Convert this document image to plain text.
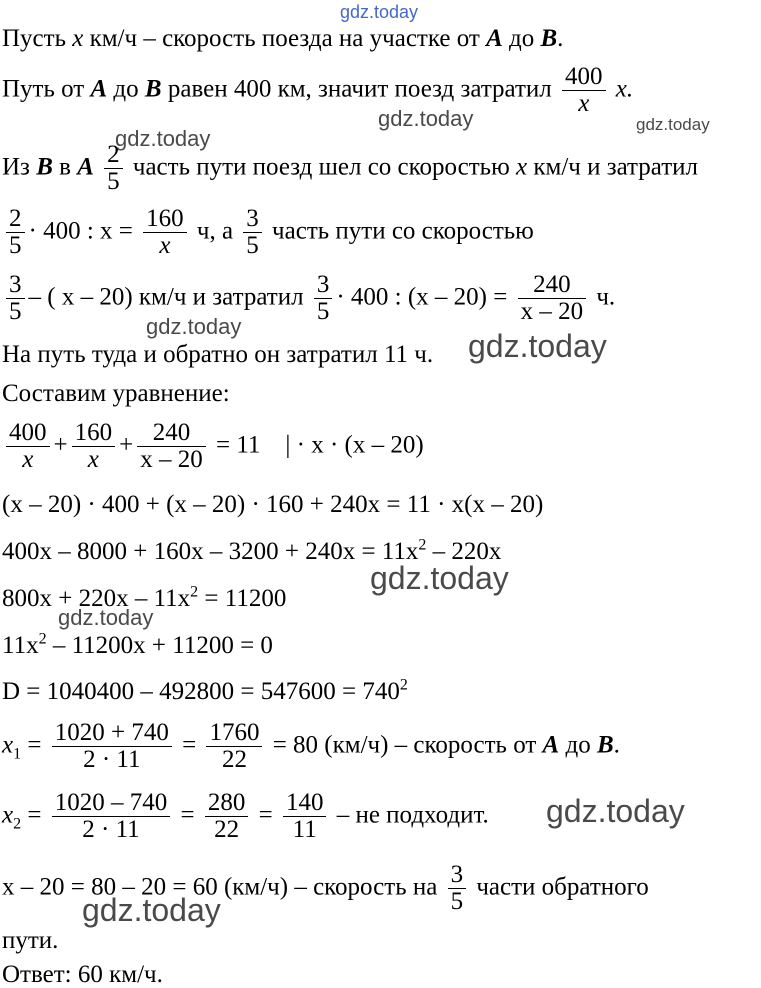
gdz.today
Пусть x км/ч – скорость поезда на участке от A до B.
Путь от A до B равен 400 км, значит поезд затратил $\frac{400}{x} x$.
gdz.today	gdz.today
gdz.today
Из B в A $\frac{2}{5}$ часть пути поезд шел со скоростью x км/ч и затратил
$\frac{2}{5} \cdot 400$ : $x = \frac{160}{x} ч$, а $\frac{3}{5}$ часть пути со скоростью
$\frac{3}{5}$ – ( x – 20) км/ч и затратил $\frac{3}{5} \cdot 400$ : $(x - 20) = \frac{240}{x - 20} ч$.
gdz.today
На путь туда и обратно он затратил 11 ч. gdz.today
Составим уравнение:
$\frac{400}{x} + \frac{160}{x} + \frac{240}{x - 20} = 11$ | · x · (x – 20)
(x – 20) · 400 + (x – 20) · 160 + 240x = 11 · x(x – 20)
$400x - 8000 + 160x - 3200 + 240x = 11x^2 - 220x$
gdz.today
$800x + 220x - 11x^2 = 11200$
gdz.today
$11x^2 - 11200x + 11200 = 0$
$D = 1040400 - 492800 = 547600 = 740^2$
$x_1 = \frac{1020 + 740}{2 \cdot 11} = \frac{1760}{22} = 80$ (км/ч) – скорость от A до B.
$x_2 = \frac{1020 - 740}{2 \cdot 11} = \frac{280}{22} = \frac{140}{11}$ – не подходит. gdz.today
x – 20 = 80 – 20 = 60 (км/ч) – скорость на $\frac{3}{5}$ части обратного
gdz.today
пути.
Ответ: 60 км/ч.
